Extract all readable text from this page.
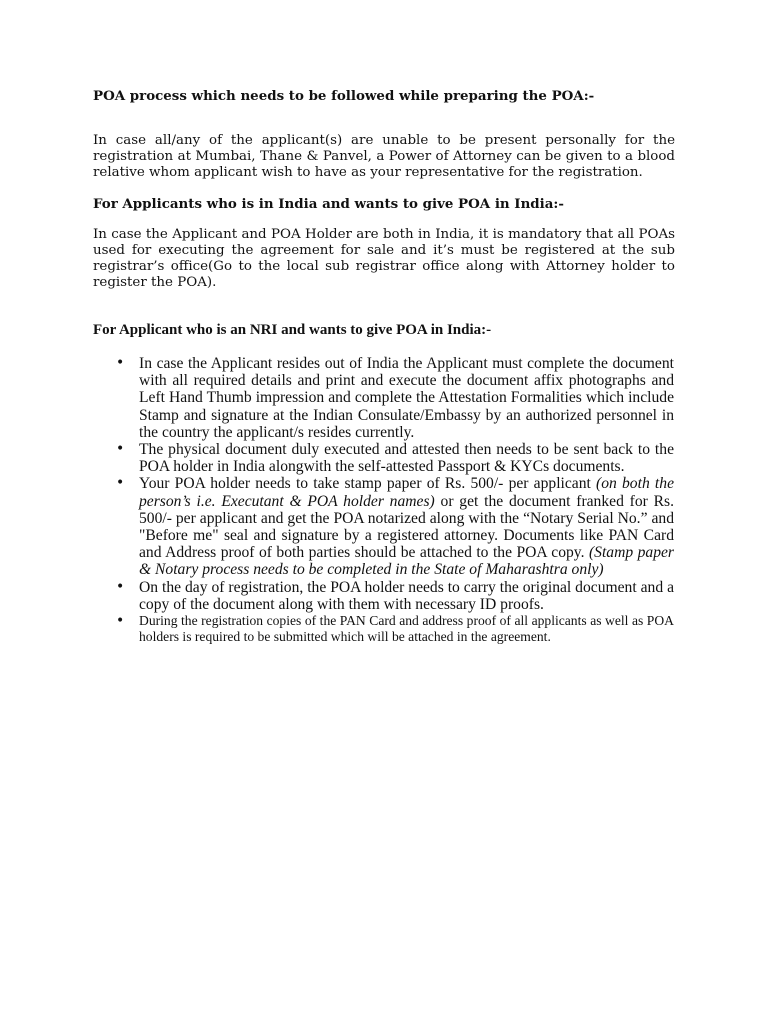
POA process which needs to be followed while preparing the POA:-

In case all/any of the applicant(s) are unable to be present personally for the registration at Mumbai, Thane & Panvel, a Power of Attorney can be given to a blood relative whom applicant wish to have as your representative for the registration.

For Applicants who is in India and wants to give POA in India:-

In case the Applicant and POA Holder are both in India, it is mandatory that all POAs used for executing the agreement for sale and it’s must be registered at the sub registrar’s office(Go to the local sub registrar office along with Attorney holder to register the POA).

For Applicant who is an NRI and wants to give POA in India:-

• In case the Applicant resides out of India the Applicant must complete the document with all required details and print and execute the document affix photographs and Left Hand Thumb impression and complete the Attestation Formalities which include Stamp and signature at the Indian Consulate/Embassy by an authorized personnel in the country the applicant/s resides currently.
• The physical document duly executed and attested then needs to be sent back to the POA holder in India alongwith the self-attested Passport & KYCs documents.
• Your POA holder needs to take stamp paper of Rs. 500/- per applicant (on both the person’s i.e. Executant & POA holder names) or get the document franked for Rs. 500/- per applicant and get the POA notarized along with the “Notary Serial No.” and "Before me" seal and signature by a registered attorney. Documents like PAN Card and Address proof of both parties should be attached to the POA copy. (Stamp paper & Notary process needs to be completed in the State of Maharashtra only)
• On the day of registration, the POA holder needs to carry the original document and a copy of the document along with them with necessary ID proofs.
• During the registration copies of the PAN Card and address proof of all applicants as well as POA holders is required to be submitted which will be attached in the agreement.
